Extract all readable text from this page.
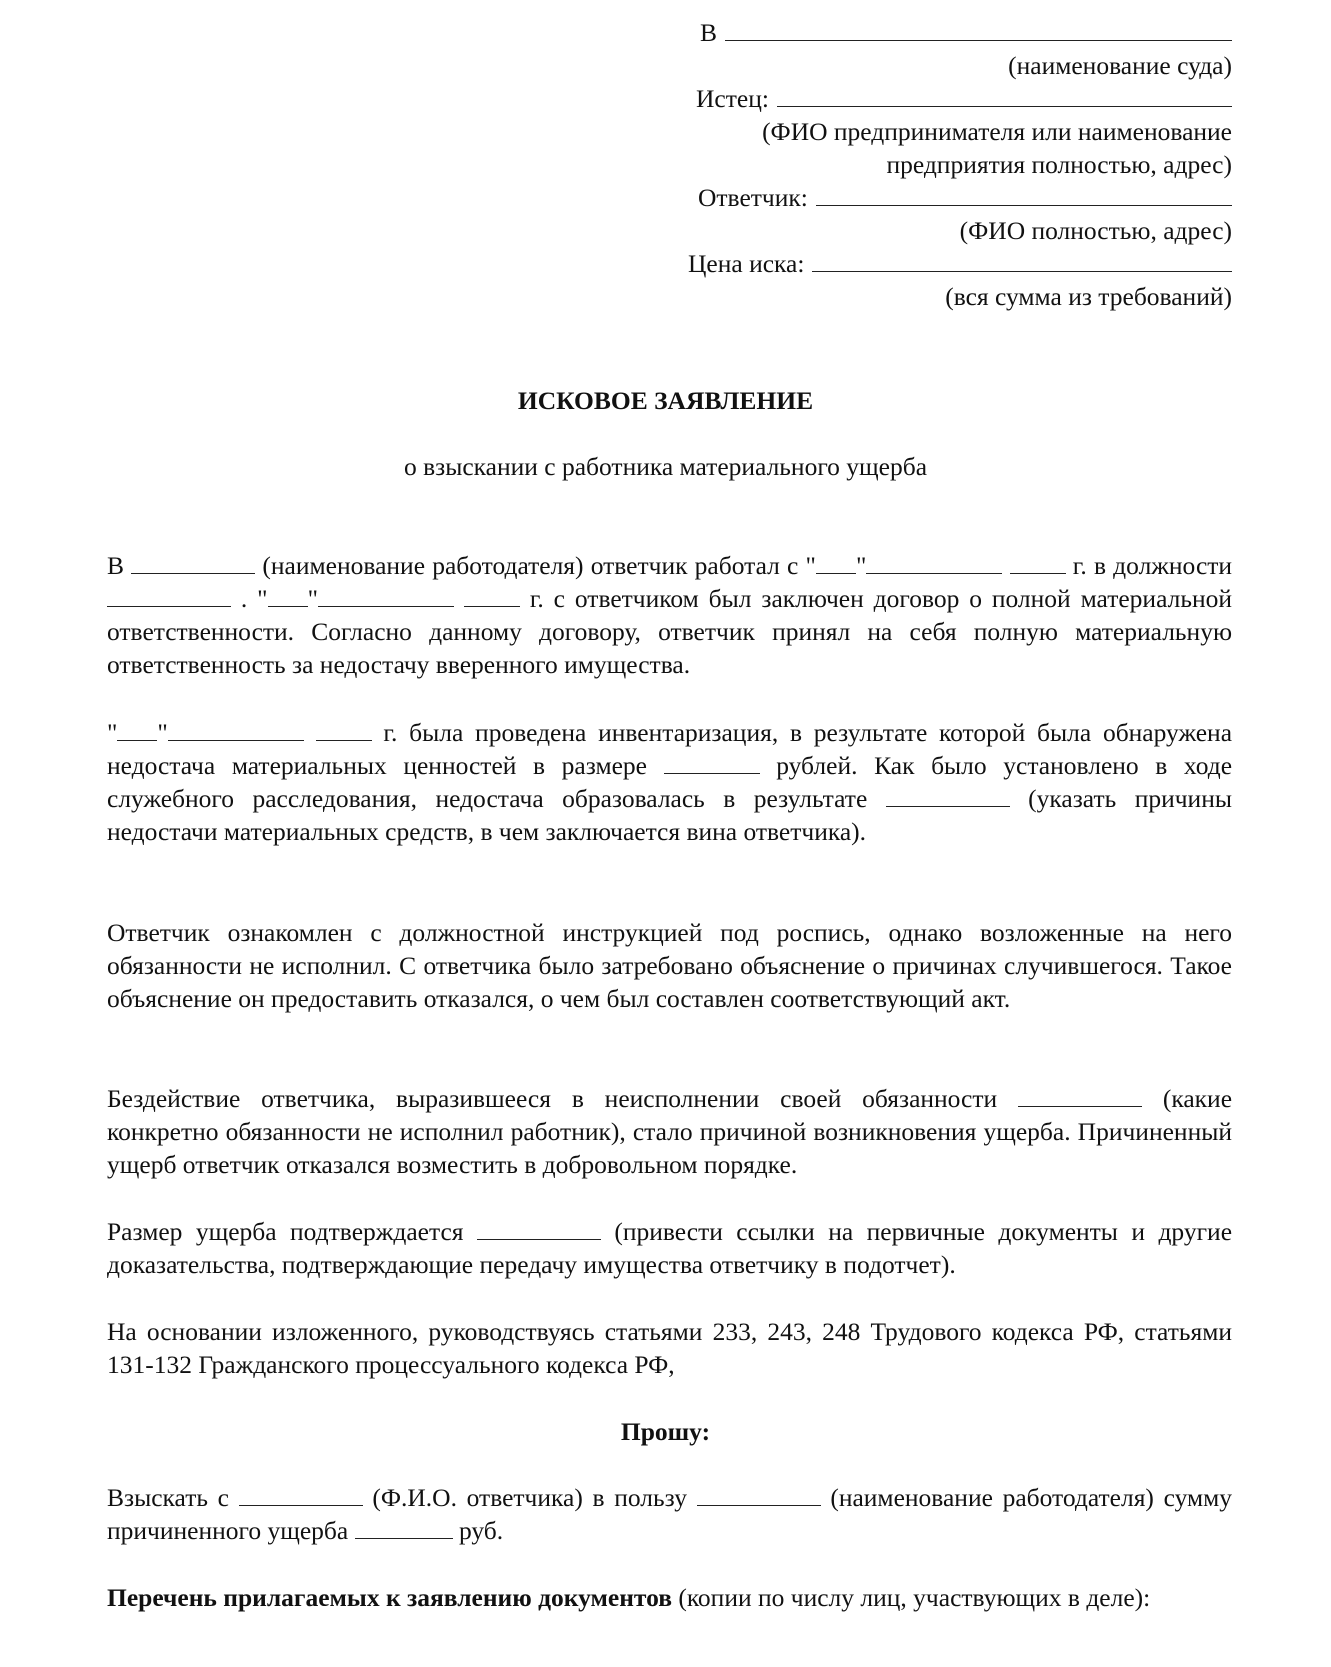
В
(наименование суда)
Истец:
(ФИО предпринимателя или наименование
предприятия полностью, адрес)
Ответчик:
(ФИО полностью, адрес)
Цена иска:
(вся сумма из требований)
ИСКОВОЕ ЗАЯВЛЕНИЕ
о взыскании с работника материального ущерба
В	(наименование работодателя) ответчик работал с " "	г. в должности  . " "	г. с ответчиком был заключен договор о полной материальной ответственности. Согласно данному договору, ответчик принял на себя полную материальную ответственность за недостачу вверенного имущества.
" "	г. была проведена инвентаризация, в результате которой была обнаружена недостача материальных ценностей в размере	рублей. Как было установлено в ходе служебного расследования, недостача образовалась в результате	(указать причины недостачи материальных средств, в чем заключается вина ответчика).
Ответчик ознакомлен с должностной инструкцией под роспись, однако возложенные на него обязанности не исполнил. С ответчика было затребовано объяснение о причинах случившегося. Такое объяснение он предоставить отказался, о чем был составлен соответствующий акт.
Бездействие ответчика, выразившееся в неисполнении своей обязанности	(какие конкретно обязанности не исполнил работник), стало причиной возникновения ущерба. Причиненный ущерб ответчик отказался возместить в добровольном порядке.
Размер ущерба подтверждается	(привести ссылки на первичные документы и другие доказательства, подтверждающие передачу имущества ответчику в подотчет).
На основании изложенного, руководствуясь статьями 233, 243, 248 Трудового кодекса РФ, статьями 131-132 Гражданского процессуального кодекса РФ,
Прошу:
Взыскать с	(Ф.И.О. ответчика) в пользу	(наименование работодателя) сумму причиненного ущерба	руб.
Перечень прилагаемых к заявлению документов (копии по числу лиц, участвующих в деле):
